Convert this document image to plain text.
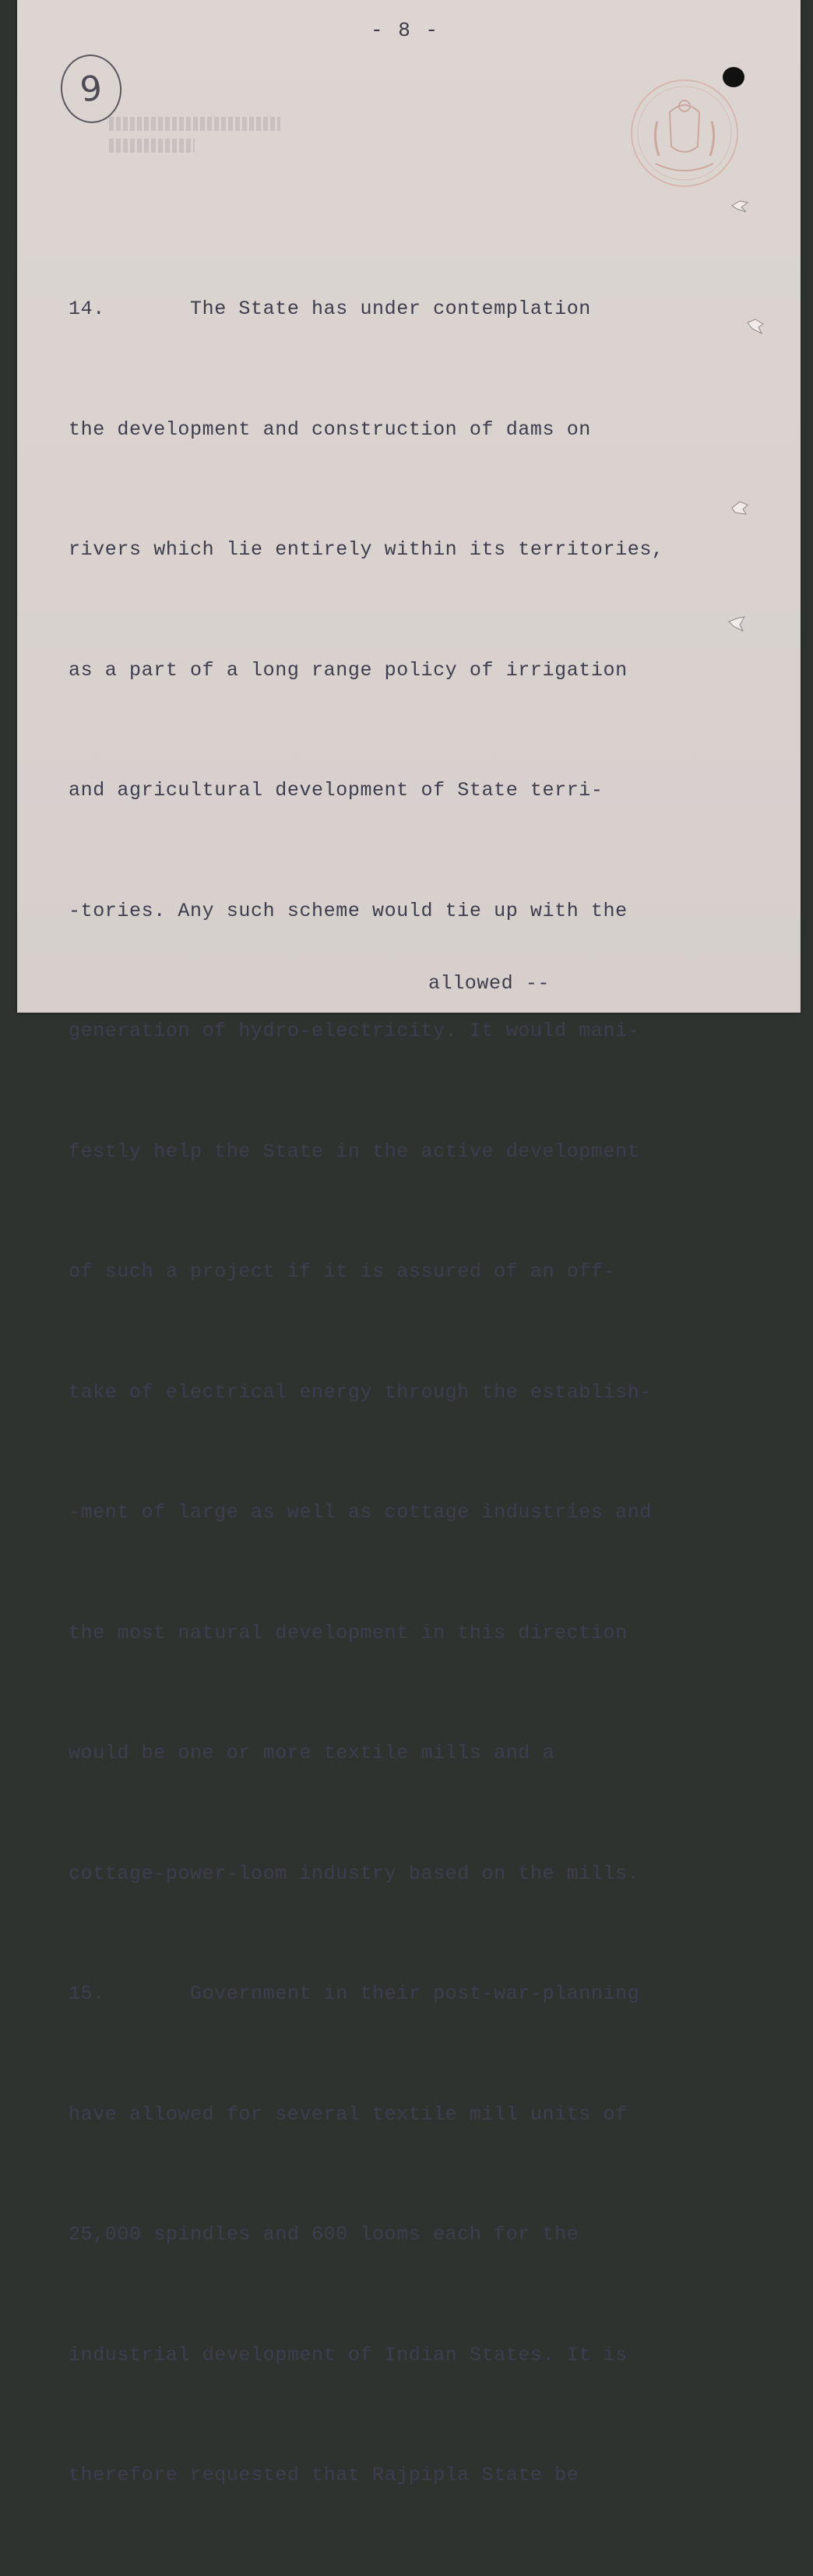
- 8 -
9

14.       The State has under contemplation

the development and construction of dams on

rivers which lie entirely within its territories,

as a part of a long range policy of irrigation

and agricultural development of State terri-

-tories. Any such scheme would tie up with the

generation of hydro-electricity. It would mani-

festly help the State in the active development

of such a project if it is assured of an off-

take of electrical energy through the establish-

-ment of large as well as cottage industries and

the most natural development in this direction

would be one or more textile mills and a

cottage-power-loom industry based on the mills.

15.       Government in their post-war-planning

have allowed for several textile mill units of

25,000 spindles and 600 looms each for the

industrial development of Indian States. It is

therefore requested that Rajpipla State be

allowed --
